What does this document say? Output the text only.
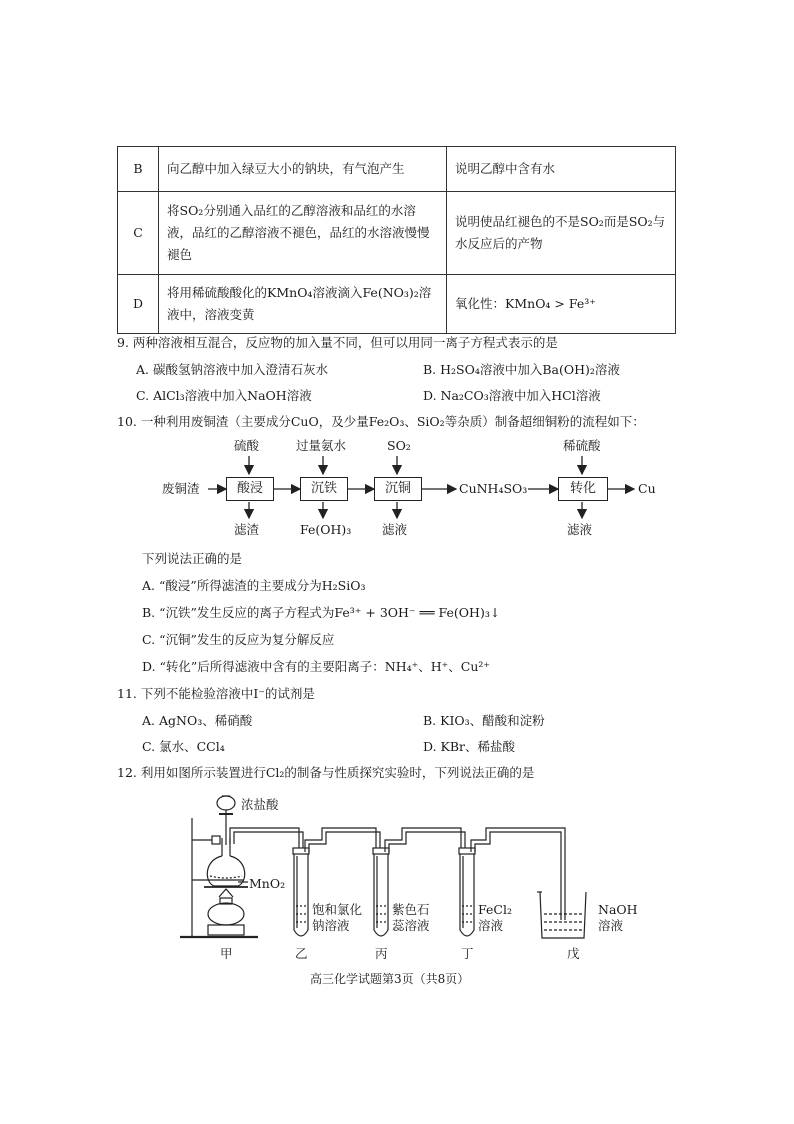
B	向乙醇中加入绿豆大小的钠块，有气泡产生	说明乙醇中含有水
C	将SO₂分别通入品红的乙醇溶液和品红的水溶液，品红的乙醇溶液不褪色，品红的水溶液慢慢褪色	说明使品红褪色的不是SO₂而是SO₂与水反应后的产物
D	将用稀硫酸酸化的KMnO₄溶液滴入Fe(NO₃)₂溶液中，溶液变黄	氧化性：KMnO₄ > Fe³⁺
9. 两种溶液相互混合，反应物的加入量不同，但可以用同一离子方程式表示的是
A. 碳酸氢钠溶液中加入澄清石灰水	B. H₂SO₄溶液中加入Ba(OH)₂溶液
C. AlCl₃溶液中加入NaOH溶液	D. Na₂CO₃溶液中加入HCl溶液
10. 一种利用废铜渣（主要成分CuO，及少量Fe₂O₃、SiO₂等杂质）制备超细铜粉的流程如下：
废铜渣	酸浸	沉铁	沉铜	CuNH₄SO₃	转化	Cu
硫酸	过量氨水	SO₂	稀硫酸
滤渣	Fe(OH)₃ 滤液	滤液
下列说法正确的是
A. “酸浸”所得滤渣的主要成分为H₂SiO₃
B. “沉铁”发生反应的离子方程式为Fe³⁺ + 3OH⁻ ══ Fe(OH)₃↓
C. “沉铜”发生的反应为复分解反应
D. “转化”后所得滤液中含有的主要阳离子：NH₄⁺、H⁺、Cu²⁺
11. 下列不能检验溶液中I⁻的试剂是
A. AgNO₃、稀硝酸	B. KIO₃、醋酸和淀粉
C. 氯水、CCl₄	D. KBr、稀盐酸
12. 利用如图所示装置进行Cl₂的制备与性质探究实验时，下列说法正确的是
浓盐酸
MnO₂
饱和氯化
钠溶液
紫色石
蕊溶液
FeCl₂
溶液
NaOH
溶液
甲	乙	丙	丁	戊
高三化学试题第3页（共8页）
